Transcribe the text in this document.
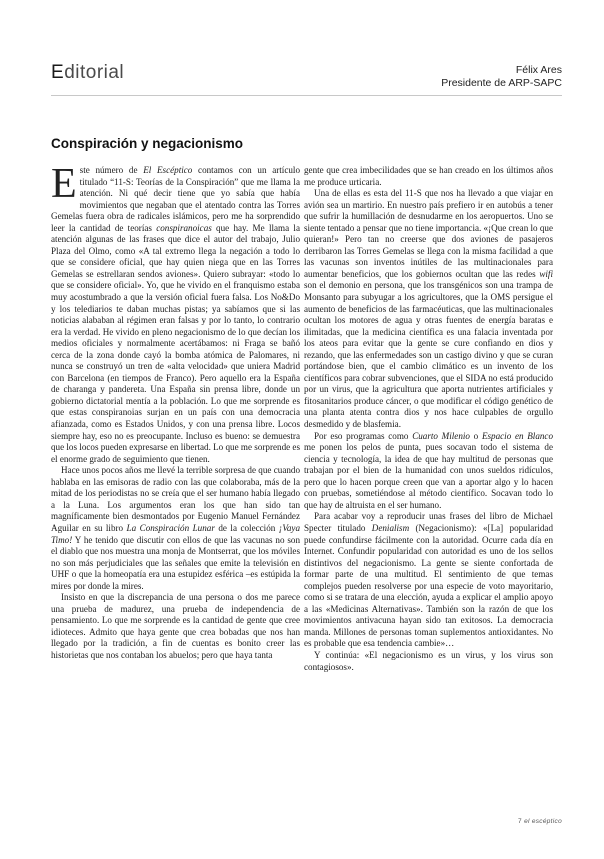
Editorial	Félix Ares
Presidente de ARP-SAPC
Conspiración y negacionismo

Este número de El Escéptico contamos con un artículo titulado “11-S: Teorías de la Conspiración” que me llama la atención. Ni qué decir tiene que yo sabía que había movimientos que negaban que el atentado contra las Torres Gemelas fuera obra de radicales islámicos, pero me ha sorprendido leer la cantidad de teorías conspiranoicas que hay. Me llama la atención algunas de las frases que dice el autor del trabajo, Julio Plaza del Olmo, como «A tal extremo llega la negación a todo lo que se considere oficial, que hay quien niega que en las Torres Gemelas se estrellaran sendos aviones». Quiero subrayar: «todo lo que se considere oficial». Yo, que he vivido en el franquismo estaba muy acostumbrado a que la versión oficial fuera falsa. Los No&Do y los telediarios te daban muchas pistas; ya sabíamos que si las noticias alababan al régimen eran falsas y por lo tanto, lo contrario era la verdad. He vivido en pleno negacionismo de lo que decían los medios oficiales y normalmente acertábamos: ni Fraga se bañó cerca de la zona donde cayó la bomba atómica de Palomares, ni nunca se construyó un tren de «alta velocidad» que uniera Madrid con Barcelona (en tiempos de Franco). Pero aquello era la España de charanga y pandereta. Una España sin prensa libre, donde un gobierno dictatorial mentía a la población. Lo que me sorprende es que estas conspiranoias surjan en un país con una democracia afianzada, como es Estados Unidos, y con una prensa libre. Locos siempre hay, eso no es preocupante. Incluso es bueno: se demuestra que los locos pueden expresarse en libertad. Lo que me sorprende es el enorme grado de seguimiento que tienen.

Hace unos pocos años me llevé la terrible sorpresa de que cuando hablaba en las emisoras de radio con las que colaboraba, más de la mitad de los periodistas no se creía que el ser humano había llegado a la Luna. Los argumentos eran los que han sido tan magníficamente bien desmontados por Eugenio Manuel Fernández Aguilar en su libro La Conspiración Lunar de la colección ¡Vaya Timo! Y he tenido que discutir con ellos de que las vacunas no son el diablo que nos muestra una monja de Montserrat, que los móviles no son más perjudiciales que las señales que emite la televisión en UHF o que la homeopatía era una estupidez esférica –es estúpida la mires por donde la mires.

Insisto en que la discrepancia de una persona o dos me parece una prueba de madurez, una prueba de independencia de pensamiento. Lo que me sorprende es la cantidad de gente que cree idioteces. Admito que haya gente que crea bobadas que nos han llegado por la tradición, a fin de cuentas es bonito creer las historietas que nos contaban los abuelos; pero que haya tanta

gente que crea imbecilidades que se han creado en los últimos años me produce urticaria.

Una de ellas es esta del 11-S que nos ha llevado a que viajar en avión sea un martirio. En nuestro país prefiero ir en autobús a tener que sufrir la humillación de desnudarme en los aeropuertos. Uno se siente tentado a pensar que no tiene importancia. «¡Que crean lo que quieran!» Pero tan no creerse que dos aviones de pasajeros derribaron las Torres Gemelas se llega con la misma facilidad a que las vacunas son inventos inútiles de las multinacionales para aumentar beneficios, que los gobiernos ocultan que las redes wifi son el demonio en persona, que los transgénicos son una trampa de Monsanto para subyugar a los agricultores, que la OMS persigue el aumento de beneficios de las farmacéuticas, que las multinacionales ocultan los motores de agua y otras fuentes de energía baratas e ilimitadas, que la medicina científica es una falacia inventada por los ateos para evitar que la gente se cure confiando en dios y rezando, que las enfermedades son un castigo divino y que se curan portándose bien, que el cambio climático es un invento de los científicos para cobrar subvenciones, que el SIDA no está producido por un virus, que la agricultura que aporta nutrientes artificiales y fitosanitarios produce cáncer, o que modificar el código genético de una planta atenta contra dios y nos hace culpables de orgullo desmedido y de blasfemia.

Por eso programas como Cuarto Milenio o Espacio en Blanco me ponen los pelos de punta, pues socavan todo el sistema de ciencia y tecnología, la idea de que hay multitud de personas que trabajan por el bien de la humanidad con unos sueldos ridículos, pero que lo hacen porque creen que van a aportar algo y lo hacen con pruebas, sometiéndose al método científico. Socavan todo lo que hay de altruista en el ser humano.

Para acabar voy a reproducir unas frases del libro de Michael Specter titulado Denialism (Negacionismo): «[La] popularidad puede confundirse fácilmente con la autoridad. Ocurre cada día en Internet. Confundir popularidad con autoridad es uno de los sellos distintivos del negacionismo. La gente se siente confortada de formar parte de una multitud. El sentimiento de que temas complejos pueden resolverse por una especie de voto mayoritario, como si se tratara de una elección, ayuda a explicar el amplio apoyo a las «Medicinas Alternativas». También son la razón de que los movimientos antivacuna hayan sido tan exitosos. La democracia manda. Millones de personas toman suplementos antioxidantes. No es probable que esa tendencia cambie»…

Y continúa: «El negacionismo es un virus, y los virus son contagiosos».

7 el escéptico
